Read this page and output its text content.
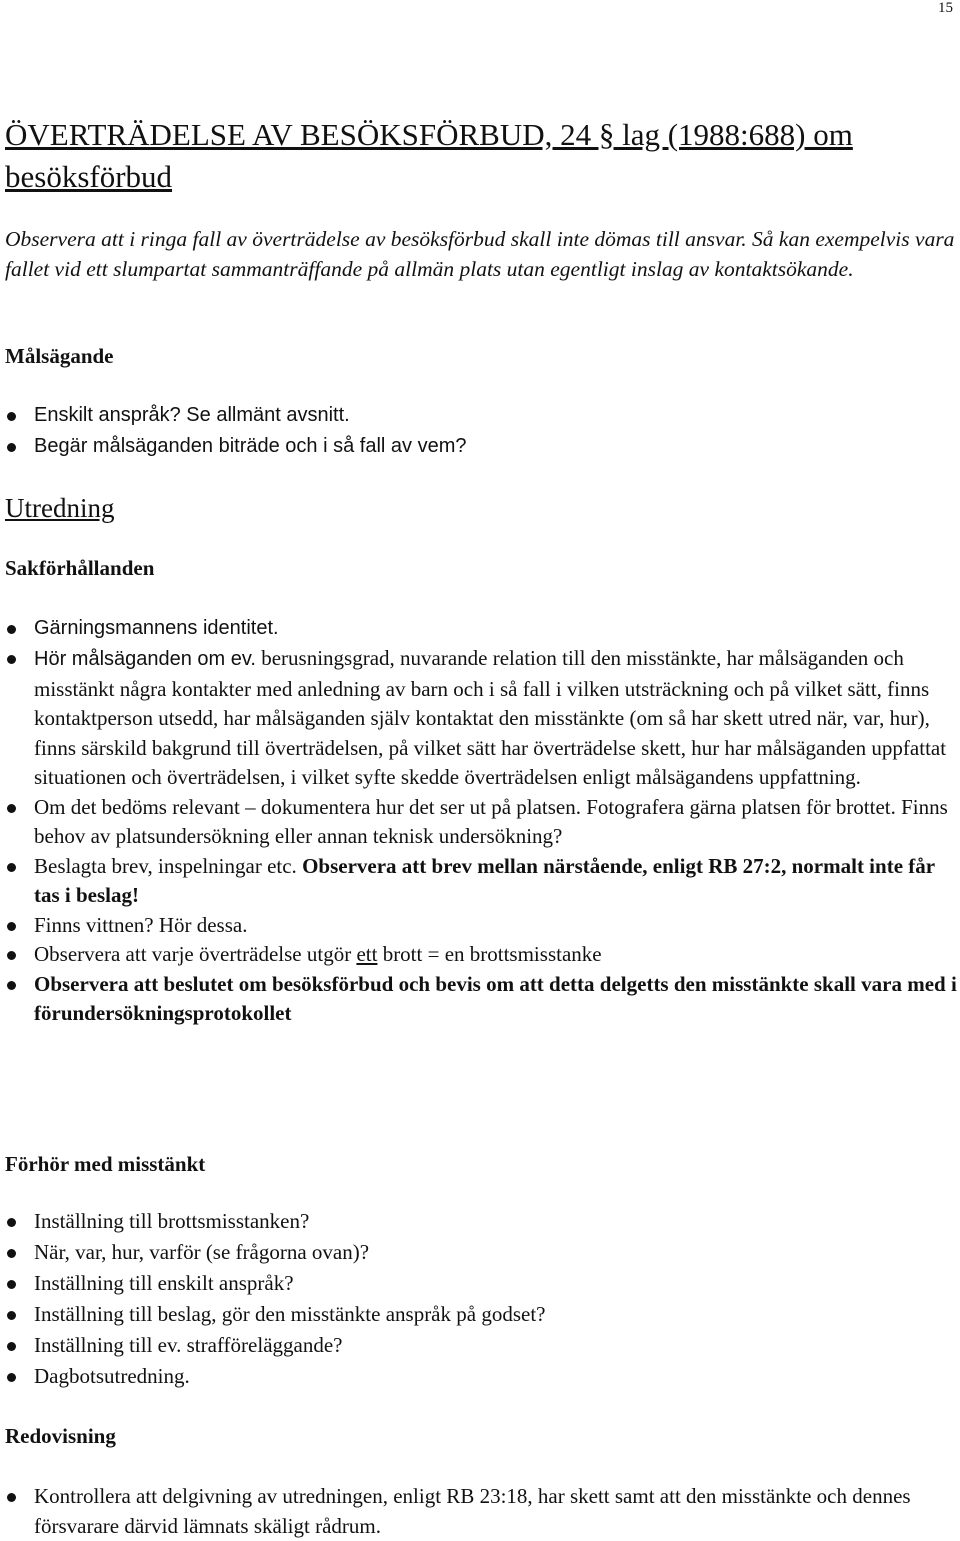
15
ÖVERTRÄDELSE AV BESÖKSFÖRBUD, 24 § lag (1988:688) om besöksförbud

Observera att i ringa fall av överträdelse av besöksförbud skall inte dömas till ansvar. Så kan exempelvis vara fallet vid ett slumpartat sammanträffande på allmän plats utan egentligt inslag av kontaktsökande.

Målsägande
Enskilt anspråk? Se allmänt avsnitt.
Begär målsäganden biträde och i så fall av vem?
Utredning
Sakförhållanden
Gärningsmannens identitet.
Hör målsäganden om ev. berusningsgrad, nuvarande relation till den misstänkte, har målsäganden och misstänkt några kontakter med anledning av barn och i så fall i vilken utsträckning och på vilket sätt, finns kontaktperson utsedd, har målsäganden själv kontaktat den misstänkte (om så har skett utred när, var, hur), finns särskild bakgrund till överträdelsen, på vilket sätt har överträdelse skett, hur har målsäganden uppfattat situationen och överträdelsen, i vilket syfte skedde överträdelsen enligt målsägandens uppfattning.
Om det bedöms relevant – dokumentera hur det ser ut på platsen. Fotografera gärna platsen för brottet. Finns behov av platsundersökning eller annan teknisk undersökning?
Beslagta brev, inspelningar etc. Observera att brev mellan närstående, enligt RB 27:2, normalt inte får tas i beslag!
Finns vittnen? Hör dessa.
Observera att varje överträdelse utgör ett brott = en brottsmisstanke
Observera att beslutet om besöksförbud och bevis om att detta delgetts den misstänkte skall vara med i förundersökningsprotokollet
Förhör med misstänkt
Inställning till brottsmisstanken?
När, var, hur, varför (se frågorna ovan)?
Inställning till enskilt anspråk?
Inställning till beslag, gör den misstänkte anspråk på godset?
Inställning till ev. strafföreläggande?
Dagbotsutredning.
Redovisning
Kontrollera att delgivning av utredningen, enligt RB 23:18, har skett samt att den misstänkte och dennes försvarare därvid lämnats skäligt rådrum.
